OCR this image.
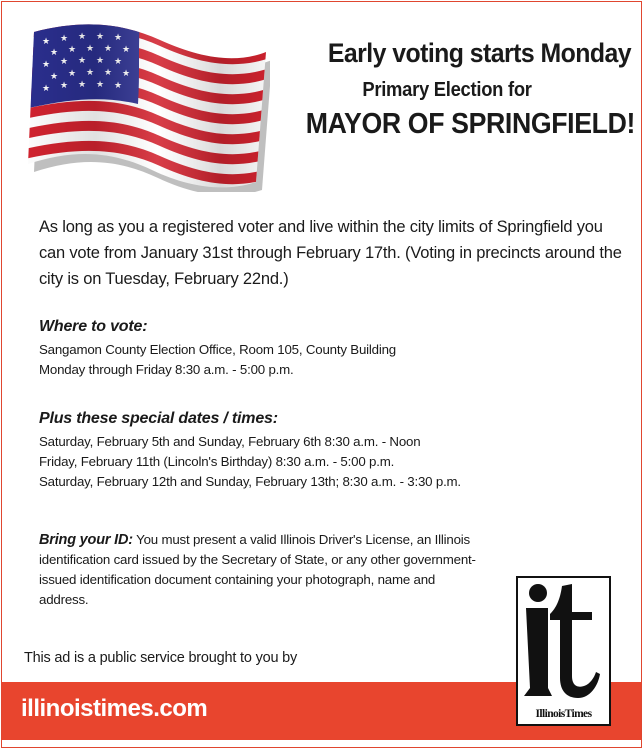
Early voting starts Monday
Primary Election for
MAYOR OF SPRINGFIELD!
As long as you a registered voter and live within the city limits of Springfield you can vote from January 31st through February 17th. (Voting in precincts around the city is on Tuesday, February 22nd.)
Where to vote:
Sangamon County Election Office, Room 105, County Building
Monday through Friday 8:30 a.m. - 5:00 p.m.
Plus these special dates / times:
Saturday, February 5th and Sunday, February 6th 8:30 a.m. - Noon
Friday, February 11th (Lincoln's Birthday) 8:30 a.m. - 5:00 p.m.
Saturday, February 12th and Sunday, February 13th; 8:30 a.m. - 3:30 p.m.
Bring your ID: You must present a valid Illinois Driver's License, an Illinois identification card issued by the Secretary of State, or any other government-issued identification document containing your photograph, name and address.
This ad is a public service brought to you by
illinoistimes.com	IllinoisTimes
